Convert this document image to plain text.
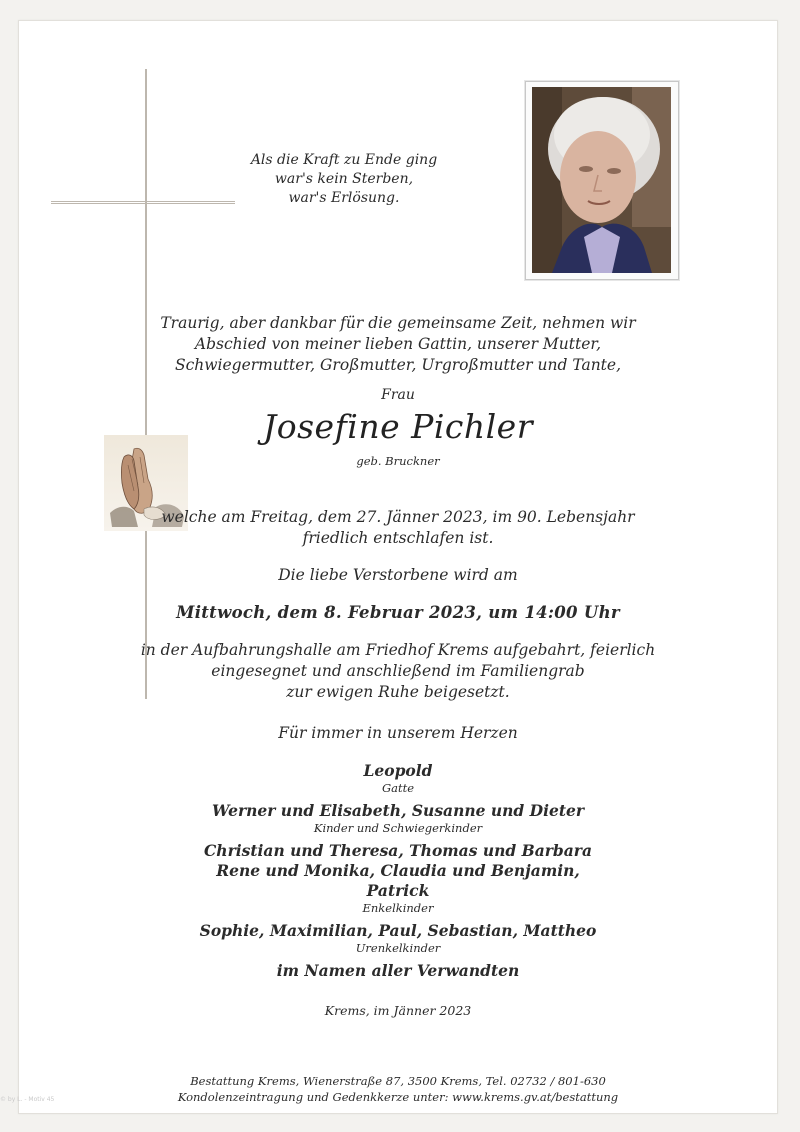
Als die Kraft zu Ende ging
war's kein Sterben,
war's Erlösung.
Traurig, aber dankbar für die gemeinsame Zeit, nehmen wir
Abschied von meiner lieben Gattin, unserer Mutter,
Schwiegermutter, Großmutter, Urgroßmutter und Tante,
Frau
Josefine Pichler
geb. Bruckner
welche am Freitag, dem 27. Jänner 2023, im 90. Lebensjahr
friedlich entschlafen ist.
Die liebe Verstorbene wird am
Mittwoch, dem 8. Februar 2023, um 14:00 Uhr
in der Aufbahrungshalle am Friedhof Krems aufgebahrt, feierlich
eingesegnet und anschließend im Familiengrab
zur ewigen Ruhe beigesetzt.
Für immer in unserem Herzen
Leopold
Gatte
Werner und Elisabeth, Susanne und Dieter
Kinder und Schwiegerkinder
Christian und Theresa, Thomas und Barbara
Rene und Monika, Claudia und Benjamin,
Patrick
Enkelkinder
Sophie, Maximilian, Paul, Sebastian, Mattheo
Urenkelkinder
im Namen aller Verwandten
Krems, im Jänner 2023
Bestattung Krems, Wienerstraße 87, 3500 Krems, Tel. 02732 / 801-630
Kondolenzeintragung und Gedenkkerze unter: www.krems.gv.at/bestattung
© by L. - Motiv 45
